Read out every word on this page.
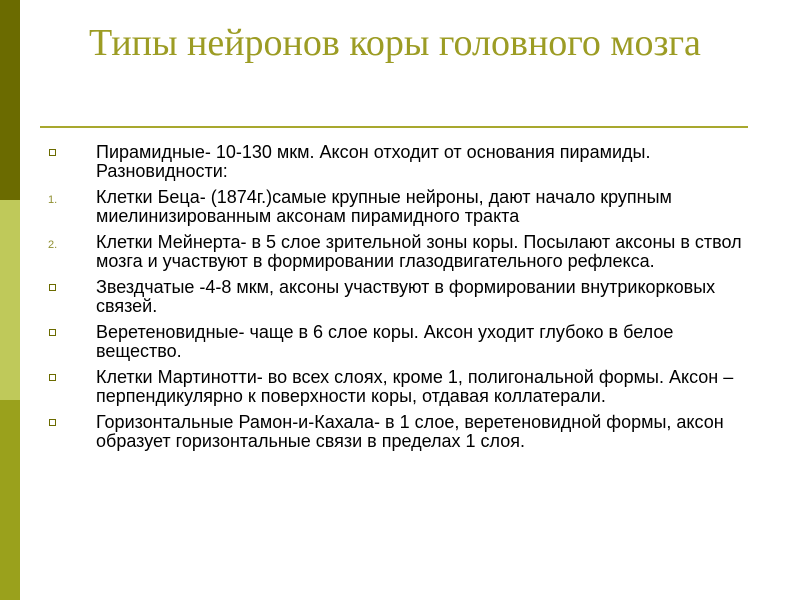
Типы нейронов коры головного мозга
Пирамидные- 10-130 мкм. Аксон отходит от основания пирамиды. Разновидности:
1.	Клетки Беца- (1874г.)самые крупные нейроны, дают начало крупным миелинизированным аксонам пирамидного тракта
2.	Клетки Мейнерта- в 5 слое зрительной зоны коры. Посылают аксоны в ствол мозга и участвуют в формировании глазодвигательного рефлекса.
Звездчатые -4-8 мкм, аксоны участвуют в формировании внутрикорковых связей.
Веретеновидные- чаще в 6 слое коры. Аксон уходит глубоко в белое вещество.
Клетки Мартинотти- во всех слоях, кроме 1, полигональной формы. Аксон –перпендикулярно к поверхности коры, отдавая коллатерали.
Горизонтальные Рамон-и-Кахала- в 1 слое, веретеновидной формы, аксон образует горизонтальные связи в пределах 1 слоя.
